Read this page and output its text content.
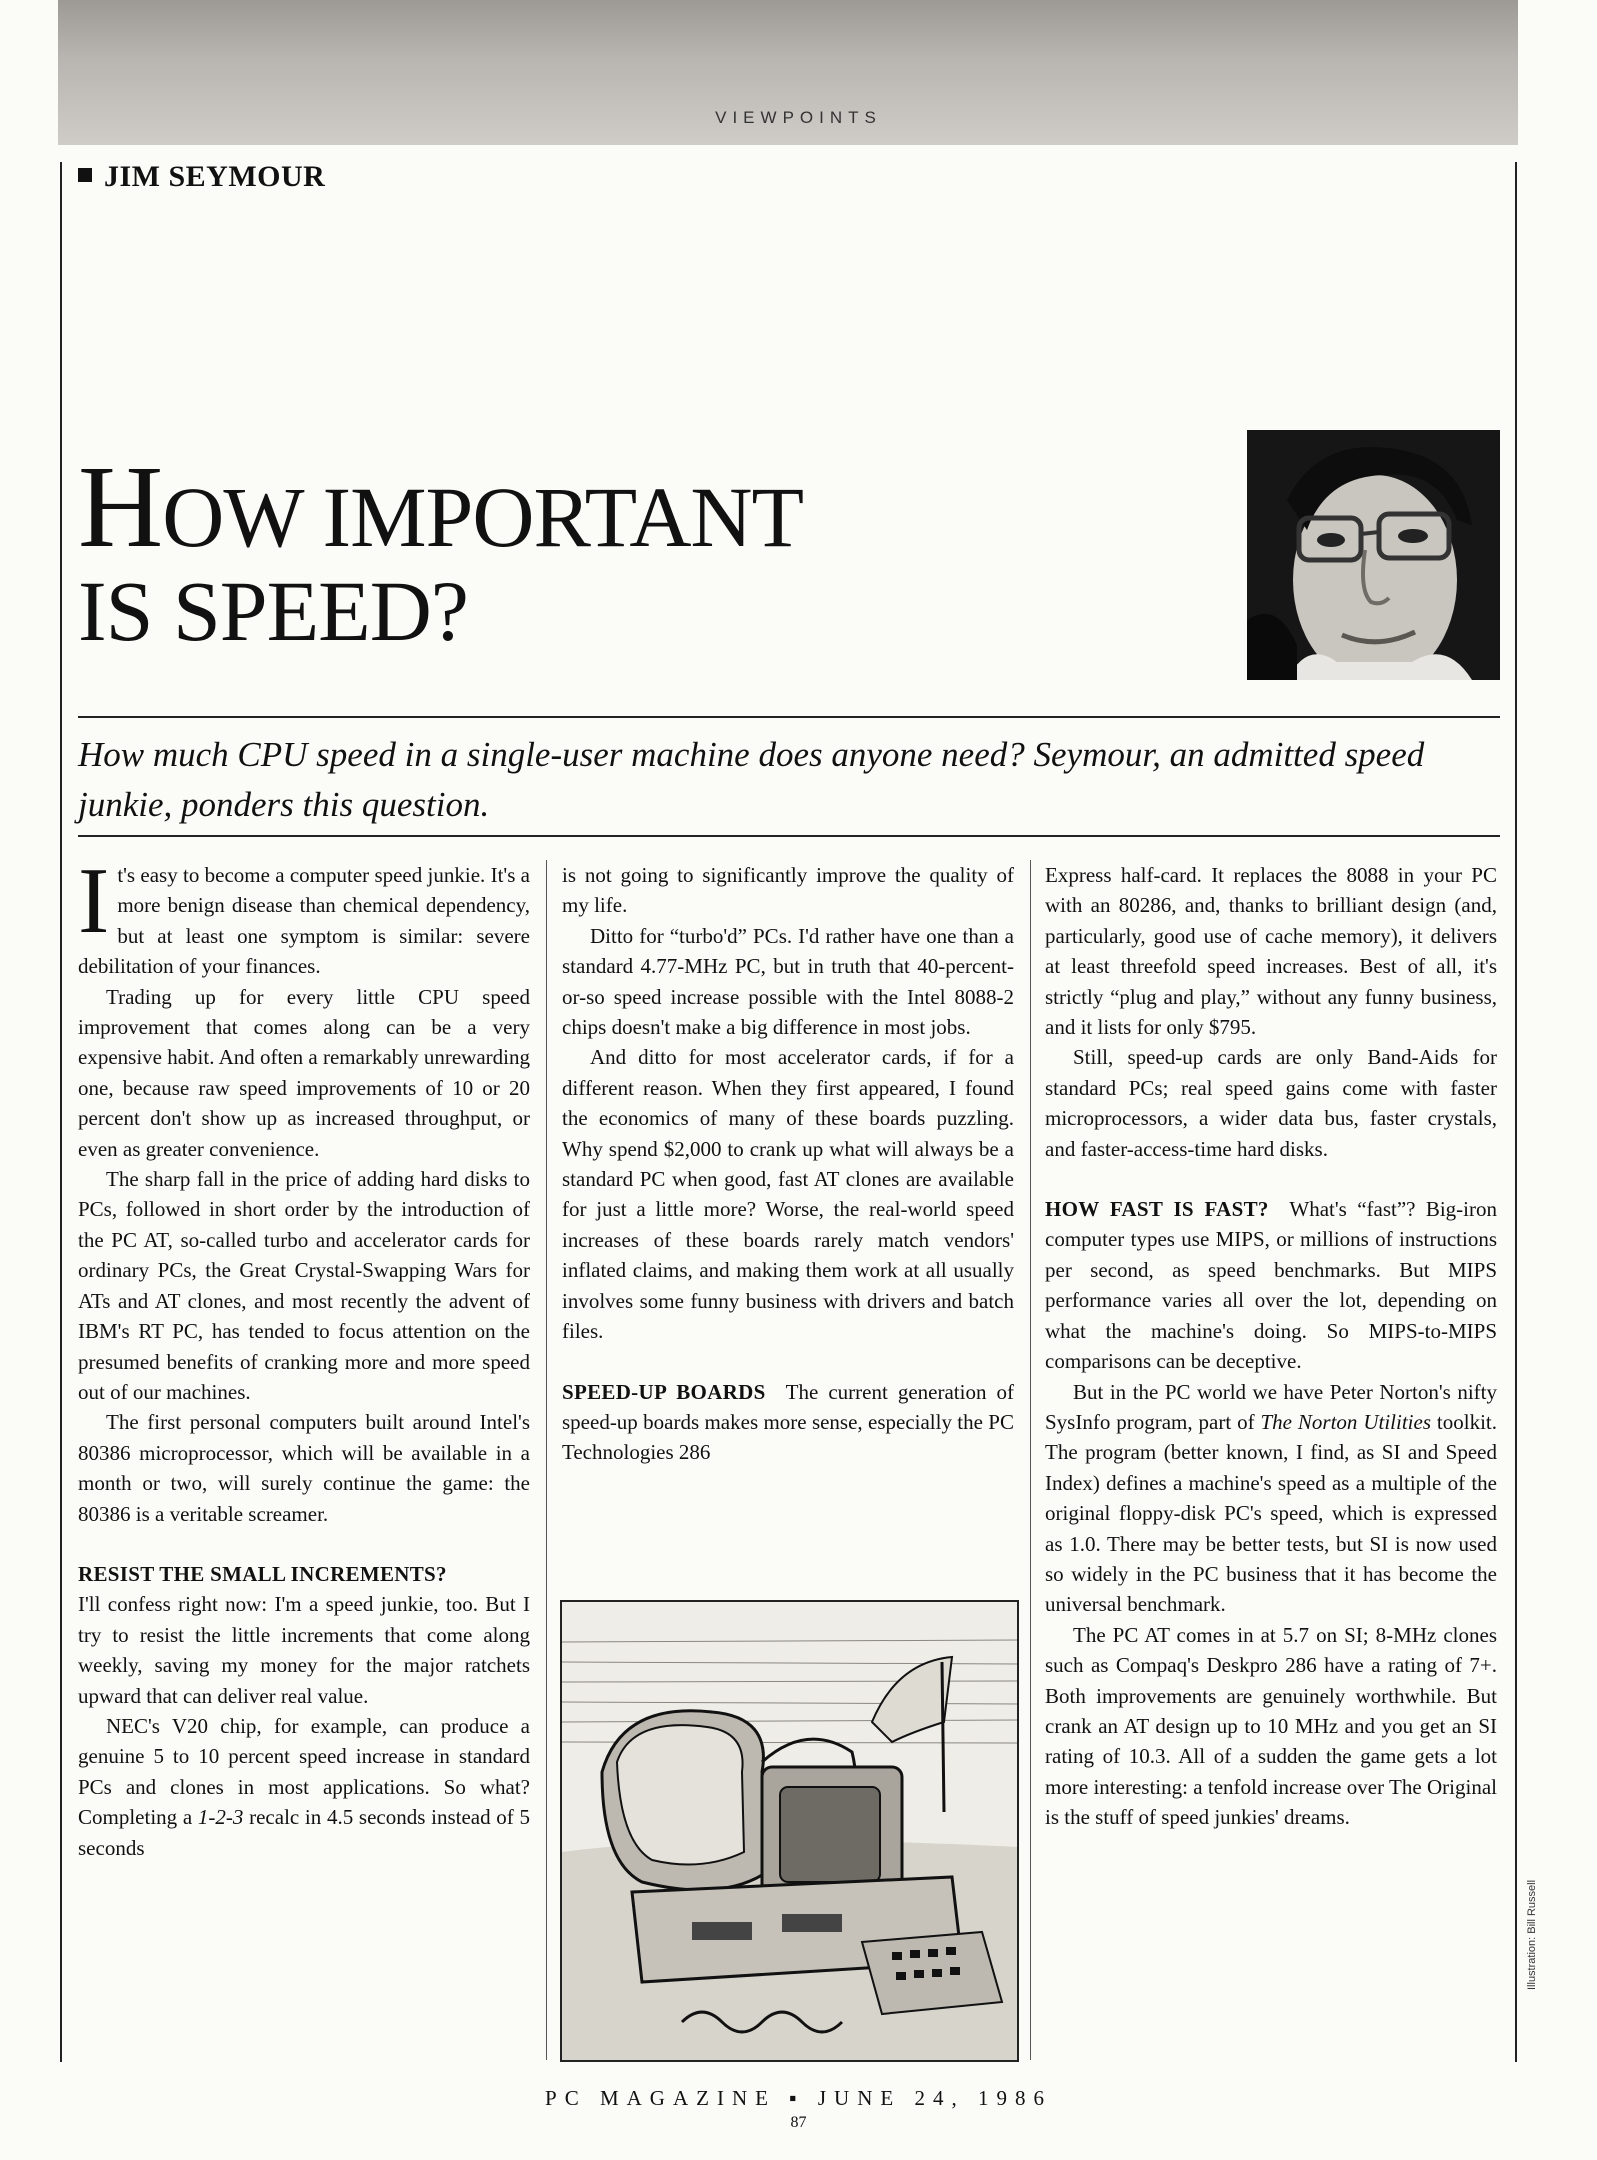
VIEWPOINTS
JIM SEYMOUR
HOW IMPORTANT
IS SPEED?
How much CPU speed in a single-user machine does anyone need? Seymour, an admitted speed junkie, ponders this question.

It's easy to become a computer speed junkie. It's a more benign disease than chemical dependency, but at least one symptom is similar: severe debilitation of your finances.

Trading up for every little CPU speed improvement that comes along can be a very expensive habit. And often a remarkably unrewarding one, because raw speed improvements of 10 or 20 percent don't show up as increased throughput, or even as greater convenience.

The sharp fall in the price of adding hard disks to PCs, followed in short order by the introduction of the PC AT, so-called turbo and accelerator cards for ordinary PCs, the Great Crystal-Swapping Wars for ATs and AT clones, and most recently the advent of IBM's RT PC, has tended to focus attention on the presumed benefits of cranking more and more speed out of our machines.

The first personal computers built around Intel's 80386 microprocessor, which will be available in a month or two, will surely continue the game: the 80386 is a veritable screamer.

RESIST THE SMALL INCREMENTS?

I'll confess right now: I'm a speed junkie, too. But I try to resist the little increments that come along weekly, saving my money for the major ratchets upward that can deliver real value.

NEC's V20 chip, for example, can produce a genuine 5 to 10 percent speed increase in standard PCs and clones in most applications. So what? Completing a 1-2-3 recalc in 4.5 seconds instead of 5 seconds

is not going to significantly improve the quality of my life.

Ditto for “turbo'd” PCs. I'd rather have one than a standard 4.77-MHz PC, but in truth that 40-percent-or-so speed increase possible with the Intel 8088-2 chips doesn't make a big difference in most jobs.

And ditto for most accelerator cards, if for a different reason. When they first appeared, I found the economics of many of these boards puzzling. Why spend $2,000 to crank up what will always be a standard PC when good, fast AT clones are available for just a little more? Worse, the real-world speed increases of these boards rarely match vendors' inflated claims, and making them work at all usually involves some funny business with drivers and batch files.

SPEED-UP BOARDS The current generation of speed-up boards makes more sense, especially the PC Technologies 286

Express half-card. It replaces the 8088 in your PC with an 80286, and, thanks to brilliant design (and, particularly, good use of cache memory), it delivers at least threefold speed increases. Best of all, it's strictly “plug and play,” without any funny business, and it lists for only $795.

Still, speed-up cards are only Band-Aids for standard PCs; real speed gains come with faster microprocessors, a wider data bus, faster crystals, and faster-access-time hard disks.

HOW FAST IS FAST? What's “fast”? Big-iron computer types use MIPS, or millions of instructions per second, as speed benchmarks. But MIPS performance varies all over the lot, depending on what the machine's doing. So MIPS-to-MIPS comparisons can be deceptive.

But in the PC world we have Peter Norton's nifty SysInfo program, part of The Norton Utilities toolkit. The program (better known, I find, as SI and Speed Index) defines a machine's speed as a multiple of the original floppy-disk PC's speed, which is expressed as 1.0. There may be better tests, but SI is now used so widely in the PC business that it has become the universal benchmark.

The PC AT comes in at 5.7 on SI; 8-MHz clones such as Compaq's Deskpro 286 have a rating of 7+. Both improvements are genuinely worthwhile. But crank an AT design up to 10 MHz and you get an SI rating of 10.3. All of a sudden the game gets a lot more interesting: a tenfold increase over The Original is the stuff of speed junkies' dreams.

Illustration: Bill Russell
PC MAGAZINE ▪ JUNE 24, 1986
87
